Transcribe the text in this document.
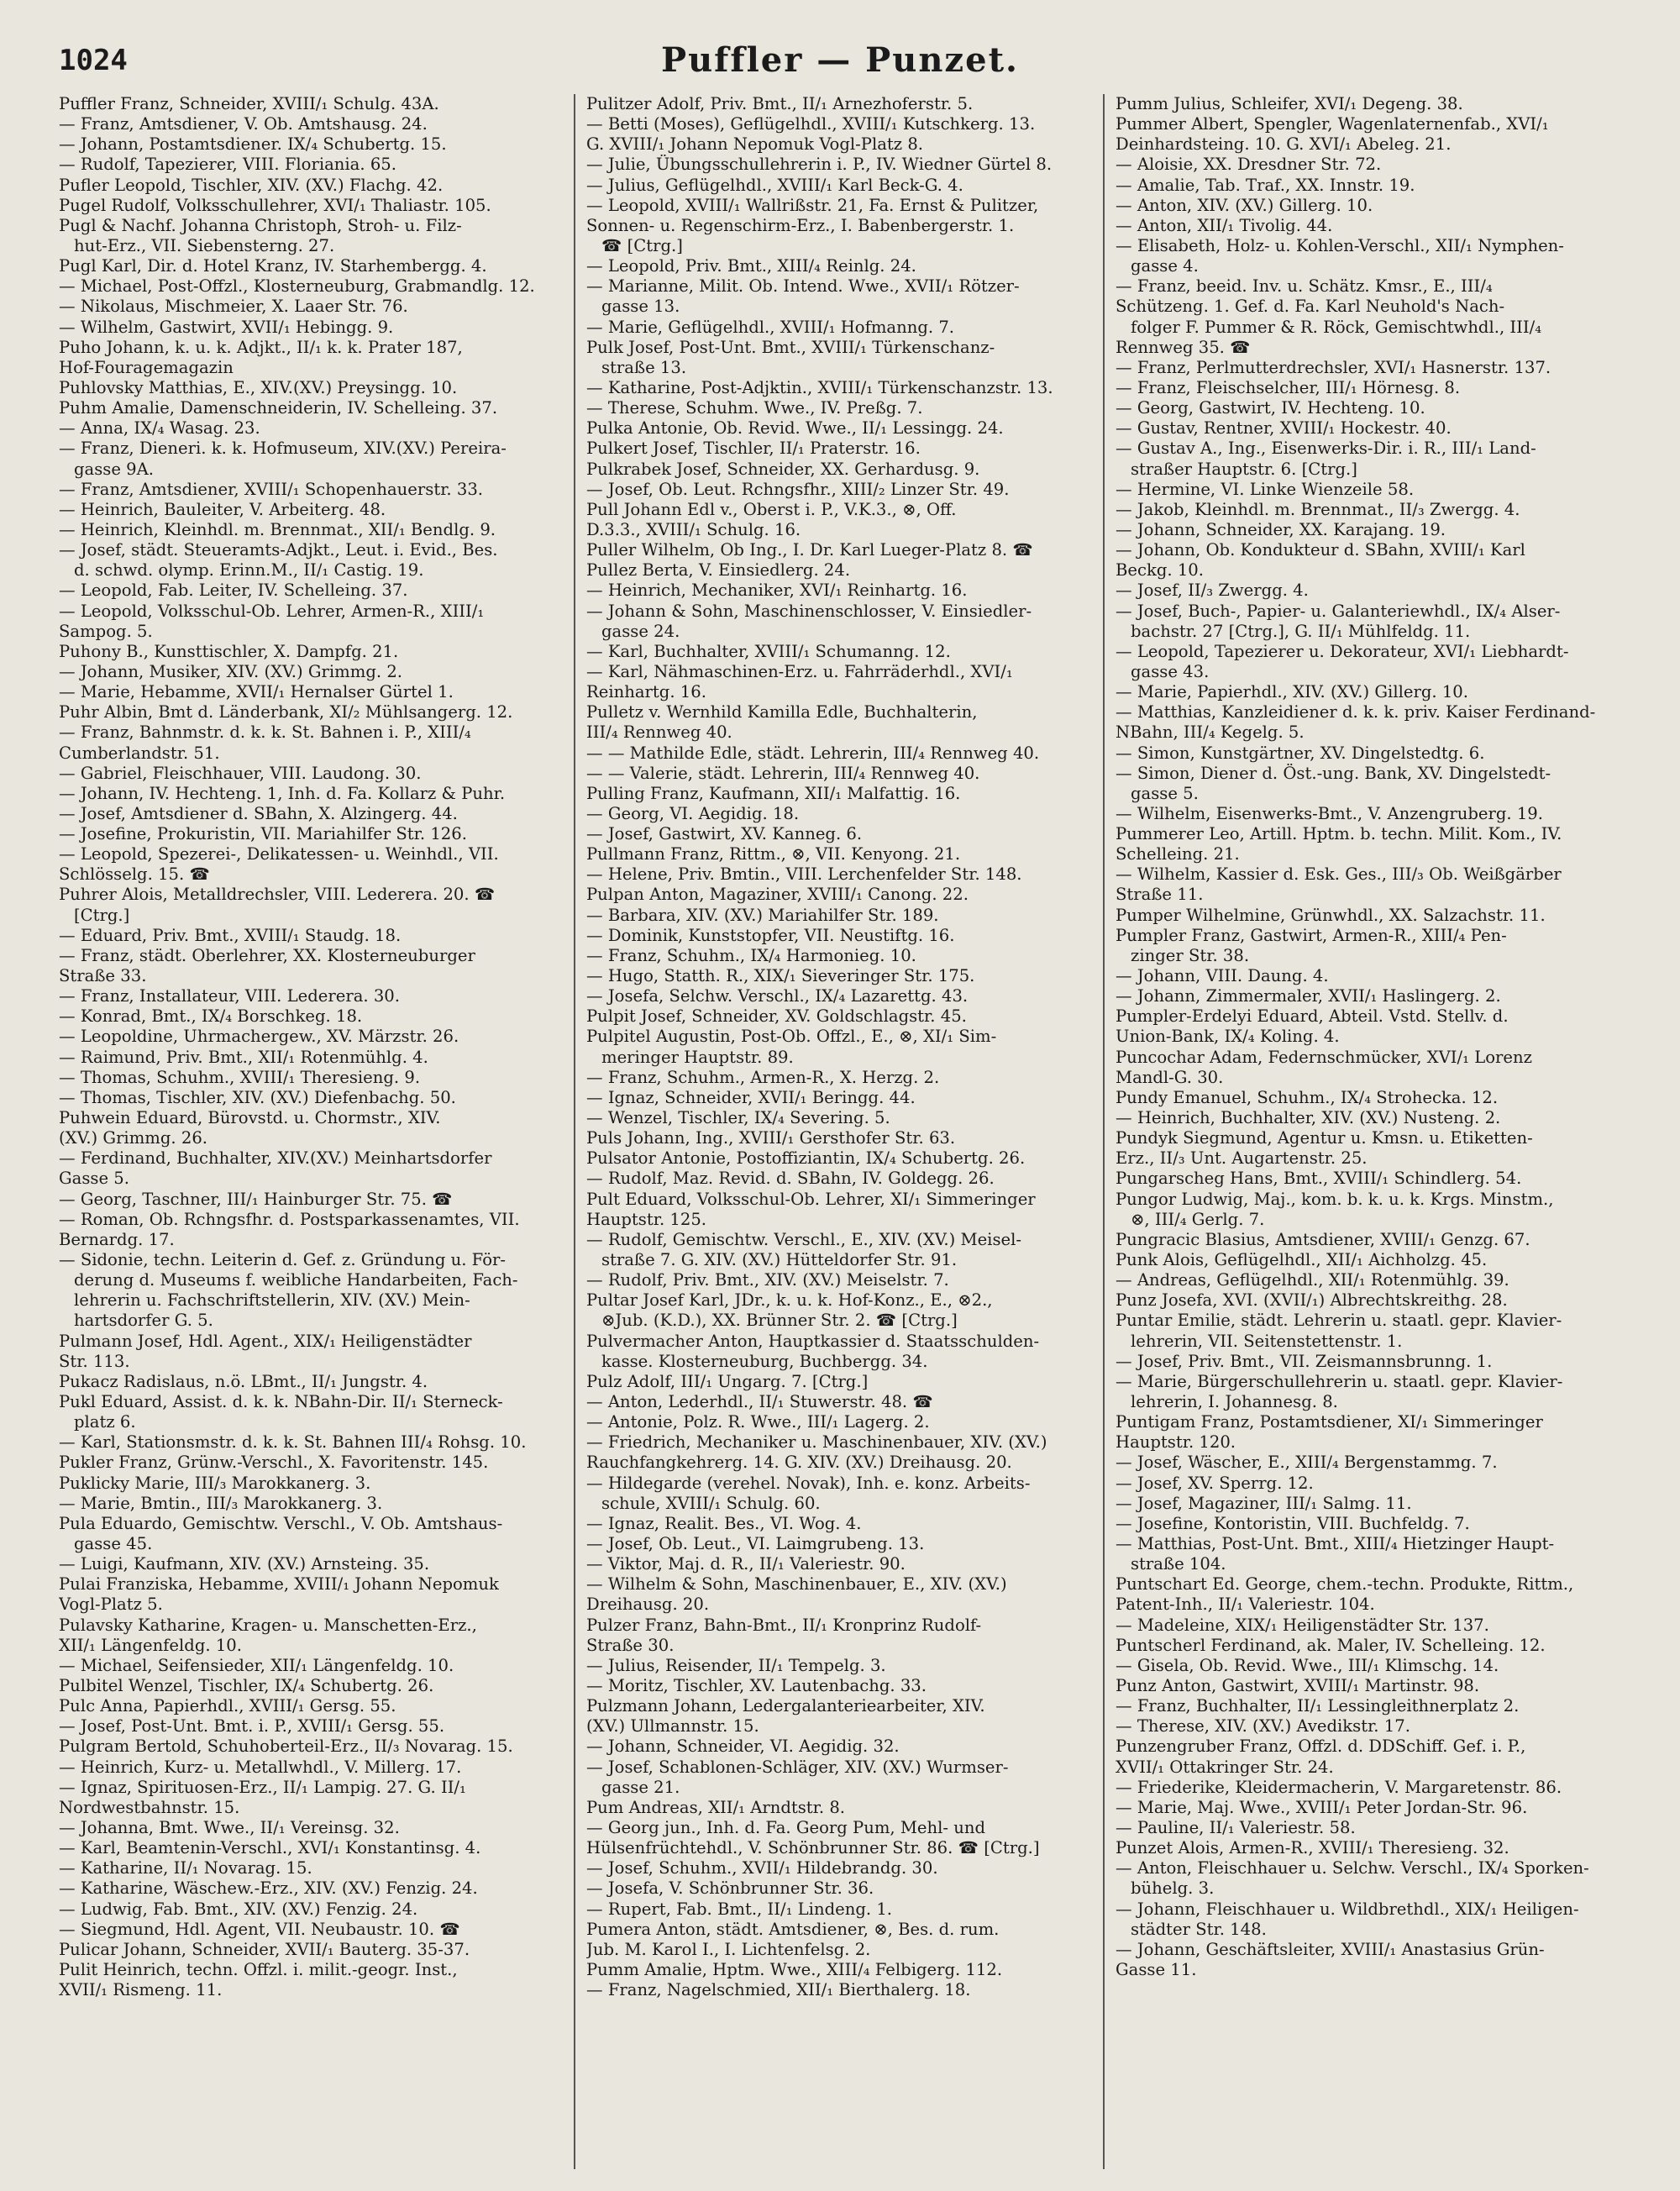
1024	Puffler — Punzet.
Puffler Franz, Schneider, XVIII/₁ Schulg. 43A.
— Franz, Amtsdiener, V. Ob. Amtshausg. 24.
— Johann, Postamtsdiener. IX/₄ Schubertg. 15.
— Rudolf, Tapezierer, VIII. Floriania. 65.
Pufler Leopold, Tischler, XIV. (XV.) Flachg. 42.
Pugel Rudolf, Volksschullehrer, XVI/₁ Thaliastr. 105.
Pugl & Nachf. Johanna Christoph, Stroh- u. Filz-
hut-Erz., VII. Siebensterng. 27.
Pugl Karl, Dir. d. Hotel Kranz, IV. Starhembergg. 4.
— Michael, Post-Offzl., Klosterneuburg, Grabmandlg. 12.
— Nikolaus, Mischmeier, X. Laaer Str. 76.
— Wilhelm, Gastwirt, XVII/₁ Hebingg. 9.
Puho Johann, k. u. k. Adjkt., II/₁ k. k. Prater 187,
Hof-Fouragemagazin
Puhlovsky Matthias, E., XIV.(XV.) Preysingg. 10.
Puhm Amalie, Damenschneiderin, IV. Schelleing. 37.
— Anna, IX/₄ Wasag. 23.
— Franz, Dieneri. k. k. Hofmuseum, XIV.(XV.) Pereira-
gasse 9A.
— Franz, Amtsdiener, XVIII/₁ Schopenhauerstr. 33.
— Heinrich, Bauleiter, V. Arbeiterg. 48.
— Heinrich, Kleinhdl. m. Brennmat., XII/₁ Bendlg. 9.
— Josef, städt. Steueramts-Adjkt., Leut. i. Evid., Bes.
d. schwd. olymp. Erinn.M., II/₁ Castig. 19.
— Leopold, Fab. Leiter, IV. Schelleing. 37.
— Leopold, Volksschul-Ob. Lehrer, Armen-R., XIII/₁
Sampog. 5.
Puhony B., Kunsttischler, X. Dampfg. 21.
— Johann, Musiker, XIV. (XV.) Grimmg. 2.
— Marie, Hebamme, XVII/₁ Hernalser Gürtel 1.
Puhr Albin, Bmt d. Länderbank, XI/₂ Mühlsangerg. 12.
— Franz, Bahnmstr. d. k. k. St. Bahnen i. P., XIII/₄
Cumberlandstr. 51.
— Gabriel, Fleischhauer, VIII. Laudong. 30.
— Johann, IV. Hechteng. 1, Inh. d. Fa. Kollarz & Puhr.
— Josef, Amtsdiener d. SBahn, X. Alzingerg. 44.
— Josefine, Prokuristin, VII. Mariahilfer Str. 126.
— Leopold, Spezerei-, Delikatessen- u. Weinhdl., VII.
Schlösselg. 15. ☎
Puhrer Alois, Metalldrechsler, VIII. Lederera. 20. ☎
[Ctrg.]
— Eduard, Priv. Bmt., XVIII/₁ Staudg. 18.
— Franz, städt. Oberlehrer, XX. Klosterneuburger
Straße 33.
— Franz, Installateur, VIII. Lederera. 30.
— Konrad, Bmt., IX/₄ Borschkeg. 18.
— Leopoldine, Uhrmachergew., XV. Märzstr. 26.
— Raimund, Priv. Bmt., XII/₁ Rotenmühlg. 4.
— Thomas, Schuhm., XVIII/₁ Theresieng. 9.
— Thomas, Tischler, XIV. (XV.) Diefenbachg. 50.
Puhwein Eduard, Bürovstd. u. Chormstr., XIV.
(XV.) Grimmg. 26.
— Ferdinand, Buchhalter, XIV.(XV.) Meinhartsdorfer
Gasse 5.
— Georg, Taschner, III/₁ Hainburger Str. 75. ☎
— Roman, Ob. Rchngsfhr. d. Postsparkassenamtes, VII.
Bernardg. 17.
— Sidonie, techn. Leiterin d. Gef. z. Gründung u. För-
derung d. Museums f. weibliche Handarbeiten, Fach-
lehrerin u. Fachschriftstellerin, XIV. (XV.) Mein-
hartsdorfer G. 5.
Pulmann Josef, Hdl. Agent., XIX/₁ Heiligenstädter
Str. 113.
Pukacz Radislaus, n.ö. LBmt., II/₁ Jungstr. 4.
Pukl Eduard, Assist. d. k. k. NBahn-Dir. II/₁ Sterneck-
platz 6.
— Karl, Stationsmstr. d. k. k. St. Bahnen III/₄ Rohsg. 10.
Pukler Franz, Grünw.-Verschl., X. Favoritenstr. 145.
Puklicky Marie, III/₃ Marokkanerg. 3.
— Marie, Bmtin., III/₃ Marokkanerg. 3.
Pula Eduardo, Gemischtw. Verschl., V. Ob. Amtshaus-
gasse 45.
— Luigi, Kaufmann, XIV. (XV.) Arnsteing. 35.
Pulai Franziska, Hebamme, XVIII/₁ Johann Nepomuk
Vogl-Platz 5.
Pulavsky Katharine, Kragen- u. Manschetten-Erz.,
XII/₁ Längenfeldg. 10.
— Michael, Seifensieder, XII/₁ Längenfeldg. 10.
Pulbitel Wenzel, Tischler, IX/₄ Schubertg. 26.
Pulc Anna, Papierhdl., XVIII/₁ Gersg. 55.
— Josef, Post-Unt. Bmt. i. P., XVIII/₁ Gersg. 55.
Pulgram Bertold, Schuhoberteil-Erz., II/₃ Novarag. 15.
— Heinrich, Kurz- u. Metallwhdl., V. Millerg. 17.
— Ignaz, Spirituosen-Erz., II/₁ Lampig. 27. G. II/₁
Nordwestbahnstr. 15.
— Johanna, Bmt. Wwe., II/₁ Vereinsg. 32.
— Karl, Beamtenin-Verschl., XVI/₁ Konstantinsg. 4.
— Katharine, II/₁ Novarag. 15.
— Katharine, Wäschew.-Erz., XIV. (XV.) Fenzig. 24.
— Ludwig, Fab. Bmt., XIV. (XV.) Fenzig. 24.
— Siegmund, Hdl. Agent, VII. Neubaustr. 10. ☎
Pulicar Johann, Schneider, XVII/₁ Bauterg. 35-37.
Pulit Heinrich, techn. Offzl. i. milit.-geogr. Inst.,
XVII/₁ Rismeng. 11.
Pulitzer Adolf, Priv. Bmt., II/₁ Arnezhoferstr. 5.
— Betti (Moses), Geflügelhdl., XVIII/₁ Kutschkerg. 13.
G. XVIII/₁ Johann Nepomuk Vogl-Platz 8.
— Julie, Übungsschullehrerin i. P., IV. Wiedner Gürtel 8.
— Julius, Geflügelhdl., XVIII/₁ Karl Beck-G. 4.
— Leopold, XVIII/₁ Wallrißstr. 21, Fa. Ernst & Pulitzer,
Sonnen- u. Regenschirm-Erz., I. Babenbergerstr. 1.
☎ [Ctrg.]
— Leopold, Priv. Bmt., XIII/₄ Reinlg. 24.
— Marianne, Milit. Ob. Intend. Wwe., XVII/₁ Rötzer-
gasse 13.
— Marie, Geflügelhdl., XVIII/₁ Hofmanng. 7.
Pulk Josef, Post-Unt. Bmt., XVIII/₁ Türkenschanz-
straße 13.
— Katharine, Post-Adjktin., XVIII/₁ Türkenschanzstr. 13.
— Therese, Schuhm. Wwe., IV. Preßg. 7.
Pulka Antonie, Ob. Revid. Wwe., II/₁ Lessingg. 24.
Pulkert Josef, Tischler, II/₁ Praterstr. 16.
Pulkrabek Josef, Schneider, XX. Gerhardusg. 9.
— Josef, Ob. Leut. Rchngsfhr., XIII/₂ Linzer Str. 49.
Pull Johann Edl v., Oberst i. P., V.K.3., ⊗, Off.
D.3.3., XVIII/₁ Schulg. 16.
Puller Wilhelm, Ob Ing., I. Dr. Karl Lueger-Platz 8. ☎
Pullez Berta, V. Einsiedlerg. 24.
— Heinrich, Mechaniker, XVI/₁ Reinhartg. 16.
— Johann & Sohn, Maschinenschlosser, V. Einsiedler-
gasse 24.
— Karl, Buchhalter, XVIII/₁ Schumanng. 12.
— Karl, Nähmaschinen-Erz. u. Fahrräderhdl., XVI/₁
Reinhartg. 16.
Pulletz v. Wernhild Kamilla Edle, Buchhalterin,
III/₄ Rennweg 40.
— — Mathilde Edle, städt. Lehrerin, III/₄ Rennweg 40.
— — Valerie, städt. Lehrerin, III/₄ Rennweg 40.
Pulling Franz, Kaufmann, XII/₁ Malfattig. 16.
— Georg, VI. Aegidig. 18.
— Josef, Gastwirt, XV. Kanneg. 6.
Pullmann Franz, Rittm., ⊗, VII. Kenyong. 21.
— Helene, Priv. Bmtin., VIII. Lerchenfelder Str. 148.
Pulpan Anton, Magaziner, XVIII/₁ Canong. 22.
— Barbara, XIV. (XV.) Mariahilfer Str. 189.
— Dominik, Kunststopfer, VII. Neustiftg. 16.
— Franz, Schuhm., IX/₄ Harmonieg. 10.
— Hugo, Statth. R., XIX/₁ Sieveringer Str. 175.
— Josefa, Selchw. Verschl., IX/₄ Lazarettg. 43.
Pulpit Josef, Schneider, XV. Goldschlagstr. 45.
Pulpitel Augustin, Post-Ob. Offzl., E., ⊗, XI/₁ Sim-
meringer Hauptstr. 89.
— Franz, Schuhm., Armen-R., X. Herzg. 2.
— Ignaz, Schneider, XVII/₁ Beringg. 44.
— Wenzel, Tischler, IX/₄ Severing. 5.
Puls Johann, Ing., XVIII/₁ Gersthofer Str. 63.
Pulsator Antonie, Postoffiziantin, IX/₄ Schubertg. 26.
— Rudolf, Maz. Revid. d. SBahn, IV. Goldegg. 26.
Pult Eduard, Volksschul-Ob. Lehrer, XI/₁ Simmeringer
Hauptstr. 125.
— Rudolf, Gemischtw. Verschl., E., XIV. (XV.) Meisel-
straße 7. G. XIV. (XV.) Hütteldorfer Str. 91.
— Rudolf, Priv. Bmt., XIV. (XV.) Meiselstr. 7.
Pultar Josef Karl, JDr., k. u. k. Hof-Konz., E., ⊗2.,
⊗Jub. (K.D.), XX. Brünner Str. 2. ☎ [Ctrg.]
Pulvermacher Anton, Hauptkassier d. Staatsschulden-
kasse. Klosterneuburg, Buchbergg. 34.
Pulz Adolf, III/₁ Ungarg. 7. [Ctrg.]
— Anton, Lederhdl., II/₁ Stuwerstr. 48. ☎
— Antonie, Polz. R. Wwe., III/₁ Lagerg. 2.
— Friedrich, Mechaniker u. Maschinenbauer, XIV. (XV.)
Rauchfangkehrerg. 14. G. XIV. (XV.) Dreihausg. 20.
— Hildegarde (verehel. Novak), Inh. e. konz. Arbeits-
schule, XVIII/₁ Schulg. 60.
— Ignaz, Realit. Bes., VI. Wog. 4.
— Josef, Ob. Leut., VI. Laimgrubeng. 13.
— Viktor, Maj. d. R., II/₁ Valeriestr. 90.
— Wilhelm & Sohn, Maschinenbauer, E., XIV. (XV.)
Dreihausg. 20.
Pulzer Franz, Bahn-Bmt., II/₁ Kronprinz Rudolf-
Straße 30.
— Julius, Reisender, II/₁ Tempelg. 3.
— Moritz, Tischler, XV. Lautenbachg. 33.
Pulzmann Johann, Ledergalanteriearbeiter, XIV.
(XV.) Ullmannstr. 15.
— Johann, Schneider, VI. Aegidig. 32.
— Josef, Schablonen-Schläger, XIV. (XV.) Wurmser-
gasse 21.
Pum Andreas, XII/₁ Arndtstr. 8.
— Georg jun., Inh. d. Fa. Georg Pum, Mehl- und
Hülsenfrüchtehdl., V. Schönbrunner Str. 86. ☎ [Ctrg.]
— Josef, Schuhm., XVII/₁ Hildebrandg. 30.
— Josefa, V. Schönbrunner Str. 36.
— Rupert, Fab. Bmt., II/₁ Lindeng. 1.
Pumera Anton, städt. Amtsdiener, ⊗, Bes. d. rum.
Jub. M. Karol I., I. Lichtenfelsg. 2.
Pumm Amalie, Hptm. Wwe., XIII/₄ Felbigerg. 112.
— Franz, Nagelschmied, XII/₁ Bierthalerg. 18.
Pumm Julius, Schleifer, XVI/₁ Degeng. 38.
Pummer Albert, Spengler, Wagenlaternenfab., XVI/₁
Deinhardsteing. 10. G. XVI/₁ Abeleg. 21.
— Aloisie, XX. Dresdner Str. 72.
— Amalie, Tab. Traf., XX. Innstr. 19.
— Anton, XIV. (XV.) Gillerg. 10.
— Anton, XII/₁ Tivolig. 44.
— Elisabeth, Holz- u. Kohlen-Verschl., XII/₁ Nymphen-
gasse 4.
— Franz, beeid. Inv. u. Schätz. Kmsr., E., III/₄
Schützeng. 1. Gef. d. Fa. Karl Neuhold's Nach-
folger F. Pummer & R. Röck, Gemischtwhdl., III/₄
Rennweg 35. ☎
— Franz, Perlmutterdrechsler, XVI/₁ Hasnerstr. 137.
— Franz, Fleischselcher, III/₁ Hörnesg. 8.
— Georg, Gastwirt, IV. Hechteng. 10.
— Gustav, Rentner, XVIII/₁ Hockestr. 40.
— Gustav A., Ing., Eisenwerks-Dir. i. R., III/₁ Land-
straßer Hauptstr. 6. [Ctrg.]
— Hermine, VI. Linke Wienzeile 58.
— Jakob, Kleinhdl. m. Brennmat., II/₃ Zwergg. 4.
— Johann, Schneider, XX. Karajang. 19.
— Johann, Ob. Kondukteur d. SBahn, XVIII/₁ Karl
Beckg. 10.
— Josef, II/₃ Zwergg. 4.
— Josef, Buch-, Papier- u. Galanteriewhdl., IX/₄ Alser-
bachstr. 27 [Ctrg.], G. II/₁ Mühlfeldg. 11.
— Leopold, Tapezierer u. Dekorateur, XVI/₁ Liebhardt-
gasse 43.
— Marie, Papierhdl., XIV. (XV.) Gillerg. 10.
— Matthias, Kanzleidiener d. k. k. priv. Kaiser Ferdinand-
NBahn, III/₄ Kegelg. 5.
— Simon, Kunstgärtner, XV. Dingelstedtg. 6.
— Simon, Diener d. Öst.-ung. Bank, XV. Dingelstedt-
gasse 5.
— Wilhelm, Eisenwerks-Bmt., V. Anzengruberg. 19.
Pummerer Leo, Artill. Hptm. b. techn. Milit. Kom., IV.
Schelleing. 21.
— Wilhelm, Kassier d. Esk. Ges., III/₃ Ob. Weißgärber
Straße 11.
Pumper Wilhelmine, Grünwhdl., XX. Salzachstr. 11.
Pumpler Franz, Gastwirt, Armen-R., XIII/₄ Pen-
zinger Str. 38.
— Johann, VIII. Daung. 4.
— Johann, Zimmermaler, XVII/₁ Haslingerg. 2.
Pumpler-Erdelyi Eduard, Abteil. Vstd. Stellv. d.
Union-Bank, IX/₄ Koling. 4.
Puncochar Adam, Federnschmücker, XVI/₁ Lorenz
Mandl-G. 30.
Pundy Emanuel, Schuhm., IX/₄ Strohecka. 12.
— Heinrich, Buchhalter, XIV. (XV.) Nusteng. 2.
Pundyk Siegmund, Agentur u. Kmsn. u. Etiketten-
Erz., II/₃ Unt. Augartenstr. 25.
Pungarscheg Hans, Bmt., XVIII/₁ Schindlerg. 54.
Pungor Ludwig, Maj., kom. b. k. u. k. Krgs. Minstm.,
⊗, III/₄ Gerlg. 7.
Pungracic Blasius, Amtsdiener, XVIII/₁ Genzg. 67.
Punk Alois, Geflügelhdl., XII/₁ Aichholzg. 45.
— Andreas, Geflügelhdl., XII/₁ Rotenmühlg. 39.
Punz Josefa, XVI. (XVII/₁) Albrechtskreithg. 28.
Puntar Emilie, städt. Lehrerin u. staatl. gepr. Klavier-
lehrerin, VII. Seitenstettenstr. 1.
— Josef, Priv. Bmt., VII. Zeismannsbrunng. 1.
— Marie, Bürgerschullehrerin u. staatl. gepr. Klavier-
lehrerin, I. Johannesg. 8.
Puntigam Franz, Postamtsdiener, XI/₁ Simmeringer
Hauptstr. 120.
— Josef, Wäscher, E., XIII/₄ Bergenstammg. 7.
— Josef, XV. Sperrg. 12.
— Josef, Magaziner, III/₁ Salmg. 11.
— Josefine, Kontoristin, VIII. Buchfeldg. 7.
— Matthias, Post-Unt. Bmt., XIII/₄ Hietzinger Haupt-
straße 104.
Puntschart Ed. George, chem.-techn. Produkte, Rittm.,
Patent-Inh., II/₁ Valeriestr. 104.
— Madeleine, XIX/₁ Heiligenstädter Str. 137.
Puntscherl Ferdinand, ak. Maler, IV. Schelleing. 12.
— Gisela, Ob. Revid. Wwe., III/₁ Klimschg. 14.
Punz Anton, Gastwirt, XVIII/₁ Martinstr. 98.
— Franz, Buchhalter, II/₁ Lessingleithnerplatz 2.
— Therese, XIV. (XV.) Avedikstr. 17.
Punzengruber Franz, Offzl. d. DDSchiff. Gef. i. P.,
XVII/₁ Ottakringer Str. 24.
— Friederike, Kleidermacherin, V. Margaretenstr. 86.
— Marie, Maj. Wwe., XVIII/₁ Peter Jordan-Str. 96.
— Pauline, II/₁ Valeriestr. 58.
Punzet Alois, Armen-R., XVIII/₁ Theresieng. 32.
— Anton, Fleischhauer u. Selchw. Verschl., IX/₄ Sporken-
bühelg. 3.
— Johann, Fleischhauer u. Wildbrethdl., XIX/₁ Heiligen-
städter Str. 148.
— Johann, Geschäftsleiter, XVIII/₁ Anastasius Grün-
Gasse 11.
